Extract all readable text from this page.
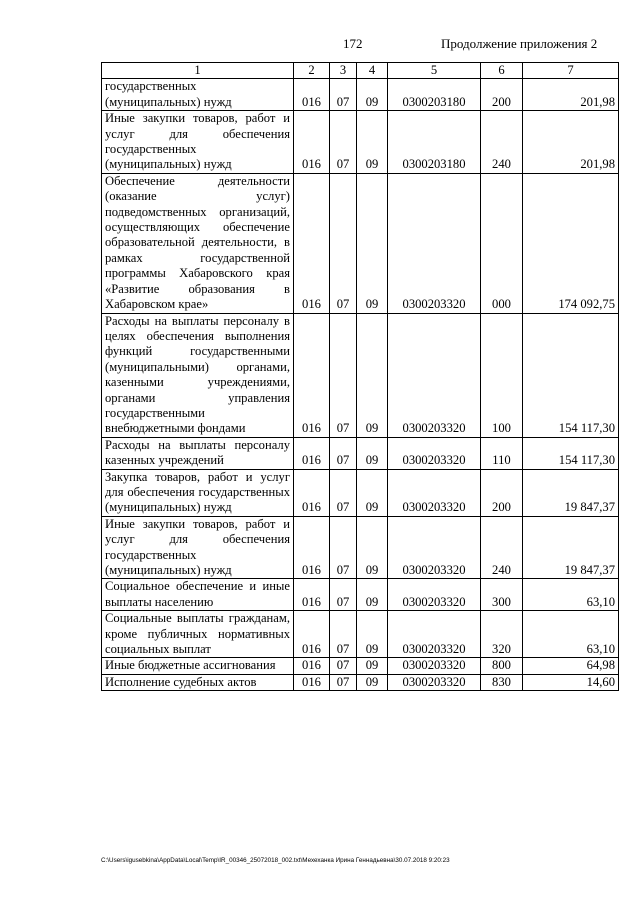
172	Продолжение приложения 2
1	2	3	4	5	6	7
государственных (муниципальных) нужд	016	07	09	0300203180	200	201,98
Иные закупки товаров, работ и услуг для обеспечения государственных (муниципальных) нужд	016	07	09	0300203180	240	201,98
Обеспечение деятельности (оказание услуг) подведомственных организаций, осуществляющих обеспечение образовательной деятельности, в рамках государственной программы Хабаровского края «Развитие образования в Хабаровском крае»	016	07	09	0300203320	000	174 092,75
Расходы на выплаты персоналу в целях обеспечения выполнения функций государственными (муниципальными) органами, казенными учреждениями, органами управления государственными внебюджетными фондами	016	07	09	0300203320	100	154 117,30
Расходы на выплаты персоналу казенных учреждений	016	07	09	0300203320	110	154 117,30
Закупка товаров, работ и услуг для обеспечения государственных (муниципальных) нужд	016	07	09	0300203320	200	19 847,37
Иные закупки товаров, работ и услуг для обеспечения государственных (муниципальных) нужд	016	07	09	0300203320	240	19 847,37
Социальное обеспечение и иные выплаты населению	016	07	09	0300203320	300	63,10
Социальные выплаты гражданам, кроме публичных нормативных социальных выплат	016	07	09	0300203320	320	63,10
Иные бюджетные ассигнования	016	07	09	0300203320	800	64,98
Исполнение судебных актов	016	07	09	0300203320	830	14,60
C:\Users\igusebkina\AppData\Local\Temp\IR_00346_25072018_002.txt\Мехеханка Ирина Геннадьевна\30.07.2018 9:20:23
